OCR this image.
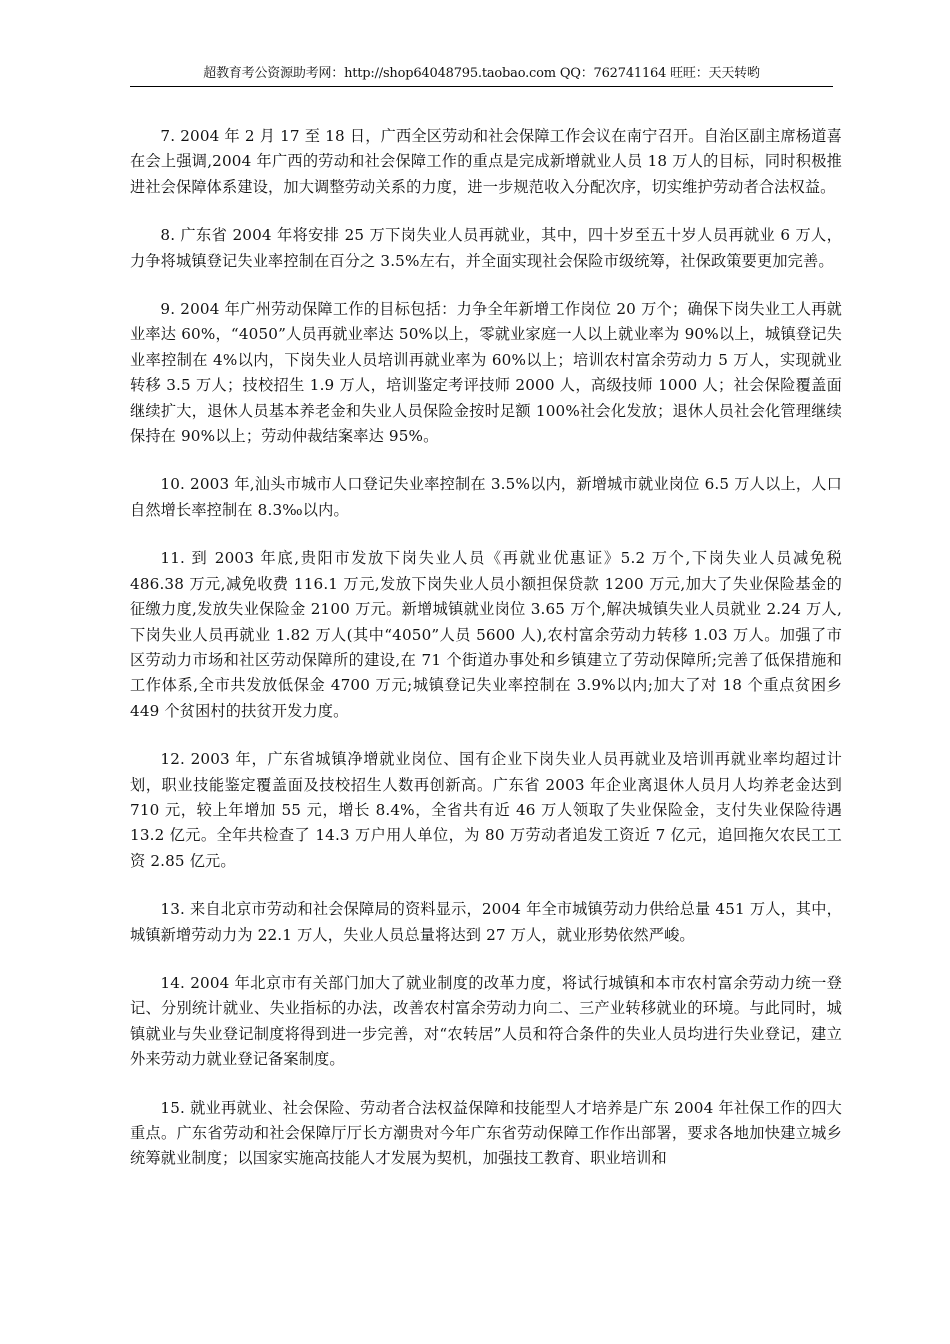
超教育考公资源助考网：http://shop64048795.taobao.com QQ：762741164 旺旺：天天转哟

7. 2004 年 2 月 17 至 18 日，广西全区劳动和社会保障工作会议在南宁召开。自治区副主席杨道喜在会上强调,2004 年广西的劳动和社会保障工作的重点是完成新增就业人员 18 万人的目标，同时积极推进社会保障体系建设，加大调整劳动关系的力度，进一步规范收入分配次序，切实维护劳动者合法权益。

8. 广东省 2004 年将安排 25 万下岗失业人员再就业，其中，四十岁至五十岁人员再就业 6 万人，力争将城镇登记失业率控制在百分之 3.5%左右，并全面实现社会保险市级统筹，社保政策要更加完善。

9. 2004 年广州劳动保障工作的目标包括：力争全年新增工作岗位 20 万个；确保下岗失业工人再就业率达 60%，“4050”人员再就业率达 50%以上，零就业家庭一人以上就业率为 90%以上，城镇登记失业率控制在 4%以内，下岗失业人员培训再就业率为 60%以上；培训农村富余劳动力 5 万人，实现就业转移 3.5 万人；技校招生 1.9 万人，培训鉴定考评技师 2000 人，高级技师 1000 人；社会保险覆盖面继续扩大，退休人员基本养老金和失业人员保险金按时足额 100%社会化发放；退休人员社会化管理继续保持在 90%以上；劳动仲裁结案率达 95%。

10. 2003 年,汕头市城市人口登记失业率控制在 3.5%以内，新增城市就业岗位 6.5 万人以上，人口自然增长率控制在 8.3‰以内。

11. 到 2003 年底,贵阳市发放下岗失业人员《再就业优惠证》5.2 万个,下岗失业人员减免税 486.38 万元,减免收费 116.1 万元,发放下岗失业人员小额担保贷款 1200 万元,加大了失业保险基金的征缴力度,发放失业保险金 2100 万元。新增城镇就业岗位 3.65 万个,解决城镇失业人员就业 2.24 万人,下岗失业人员再就业 1.82 万人(其中“4050”人员 5600 人),农村富余劳动力转移 1.03 万人。加强了市区劳动力市场和社区劳动保障所的建设,在 71 个街道办事处和乡镇建立了劳动保障所;完善了低保措施和工作体系,全市共发放低保金 4700 万元;城镇登记失业率控制在 3.9%以内;加大了对 18 个重点贫困乡 449 个贫困村的扶贫开发力度。

12. 2003 年，广东省城镇净增就业岗位、国有企业下岗失业人员再就业及培训再就业率均超过计划，职业技能鉴定覆盖面及技校招生人数再创新高。广东省 2003 年企业离退休人员月人均养老金达到 710 元，较上年增加 55 元，增长 8.4%，全省共有近 46 万人领取了失业保险金，支付失业保险待遇 13.2 亿元。全年共检查了 14.3 万户用人单位，为 80 万劳动者追发工资近 7 亿元，追回拖欠农民工工资 2.85 亿元。

13. 来自北京市劳动和社会保障局的资料显示，2004 年全市城镇劳动力供给总量 451 万人，其中，城镇新增劳动力为 22.1 万人，失业人员总量将达到 27 万人，就业形势依然严峻。

14. 2004 年北京市有关部门加大了就业制度的改革力度，将试行城镇和本市农村富余劳动力统一登记、分别统计就业、失业指标的办法，改善农村富余劳动力向二、三产业转移就业的环境。与此同时，城镇就业与失业登记制度将得到进一步完善，对“农转居”人员和符合条件的失业人员均进行失业登记，建立外来劳动力就业登记备案制度。

15. 就业再就业、社会保险、劳动者合法权益保障和技能型人才培养是广东 2004 年社保工作的四大重点。广东省劳动和社会保障厅厅长方潮贵对今年广东省劳动保障工作作出部署，要求各地加快建立城乡统筹就业制度；以国家实施高技能人才发展为契机，加强技工教育、职业培训和
